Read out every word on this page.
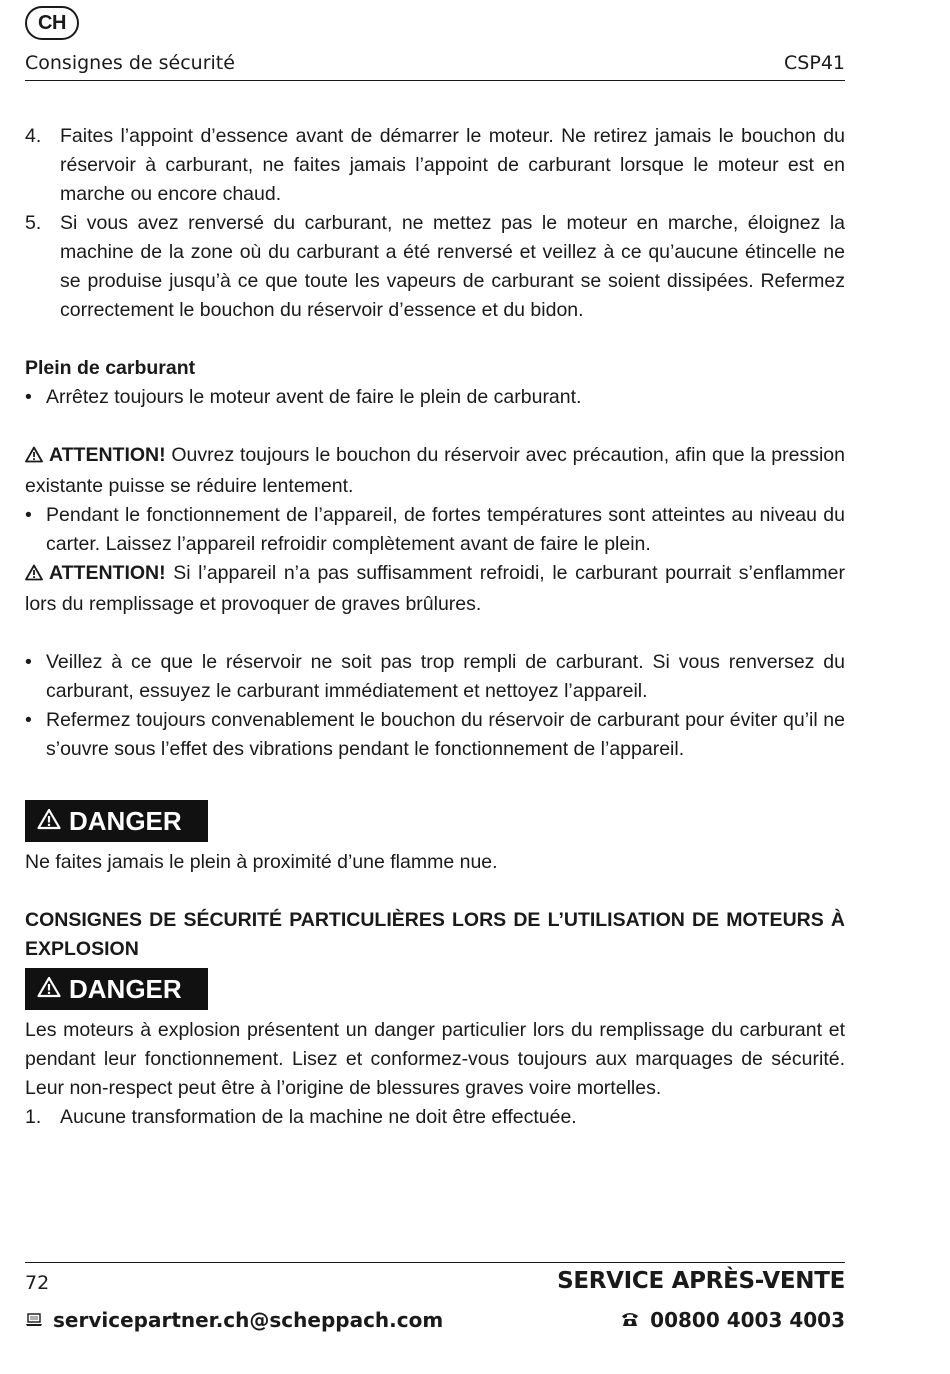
CH
Consignes de sécurité	CSP41
4. Faites l’appoint d’essence avant de démarrer le moteur. Ne retirez jamais le bouchon du réservoir à carburant, ne faites jamais l’appoint de carburant lorsque le moteur est en marche ou encore chaud.
5. Si vous avez renversé du carburant, ne mettez pas le moteur en marche, éloignez la machine de la zone où du carburant a été renversé et veillez à ce qu’aucune étincelle ne se produise jusqu’à ce que toute les vapeurs de carburant se soient dissipées. Refermez correctement le bouchon du réservoir d’essence et du bidon.

Plein de carburant

• Arrêtez toujours le moteur avent de faire le plein de carburant.

ATTENTION! Ouvrez toujours le bouchon du réservoir avec précaution, afin que la pression existante puisse se réduire lentement.

• Pendant le fonctionnement de l’appareil, de fortes températures sont atteintes au niveau du carter. Laissez l’appareil refroidir complètement avant de faire le plein.

ATTENTION! Si l’appareil n’a pas suffisamment refroidi, le carburant pourrait s’enflammer lors du remplissage et provoquer de graves brûlures.

• Veillez à ce que le réservoir ne soit pas trop rempli de carburant. Si vous renversez du carburant, essuyez le carburant immédiatement et nettoyez l’appareil.
• Refermez toujours convenablement le bouchon du réservoir de carburant pour éviter qu’il ne s’ouvre sous l’effet des vibrations pendant le fonctionnement de l’appareil.
DANGER

Ne faites jamais le plein à proximité d’une flamme nue.

CONSIGNES DE SÉCURITÉ PARTICULIÈRES LORS DE L’UTILISATION DE MOTEURS À EXPLOSION

DANGER

Les moteurs à explosion présentent un danger particulier lors du remplissage du carburant et pendant leur fonctionnement. Lisez et conformez-vous toujours aux marquages de sécurité. Leur non-respect peut être à l’origine de blessures graves voire mortelles.

1. Aucune transformation de la machine ne doit être effectuée.
72	SERVICE APRÈS-VENTE
servicepartner.ch@scheppach.com	00800 4003 4003
